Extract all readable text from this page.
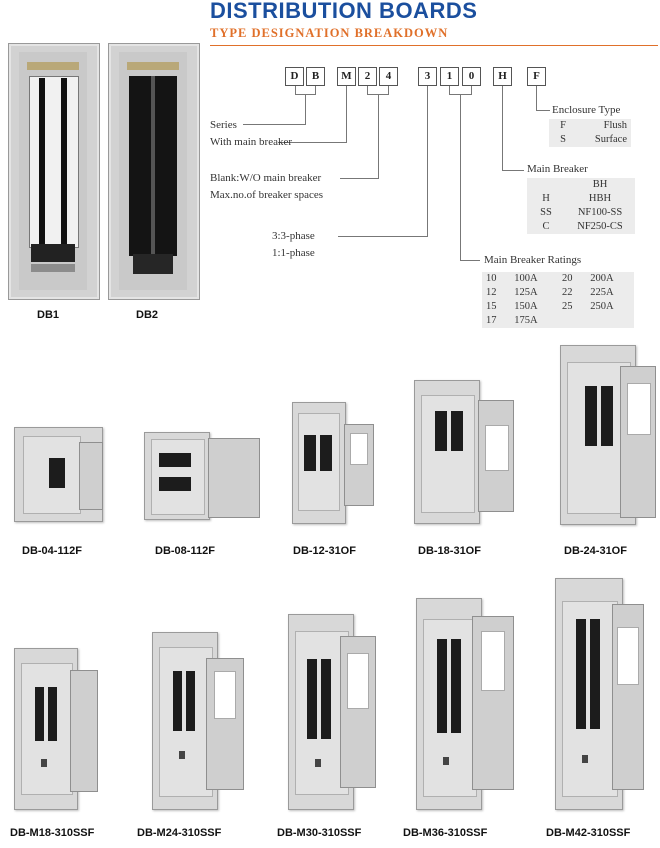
DISTRIBUTION BOARDS
TYPE DESIGNATION BREAKDOWN
DB1	DB2
D	B	M	2	4	3	1	0	H	F
Series
With main breaker
Blank:W/O main breaker
Max.no.of breaker spaces
3:3-phase
1:1-phase
Enclosure Type
F	Flush
S	Surface
Main Breaker
	BH
H	HBH
SS	NF100-SS
C	NF250-CS
Main Breaker Ratings
10	100A	20	200A
12	125A	22	225A
15	150A	25	250A
17	175A		
DB-04-112F	DB-08-112F	DB-12-31OF	DB-18-31OF	DB-24-31OF
DB-M18-310SSF	DB-M24-310SSF	DB-M30-310SSF	DB-M36-310SSF	DB-M42-310SSF
